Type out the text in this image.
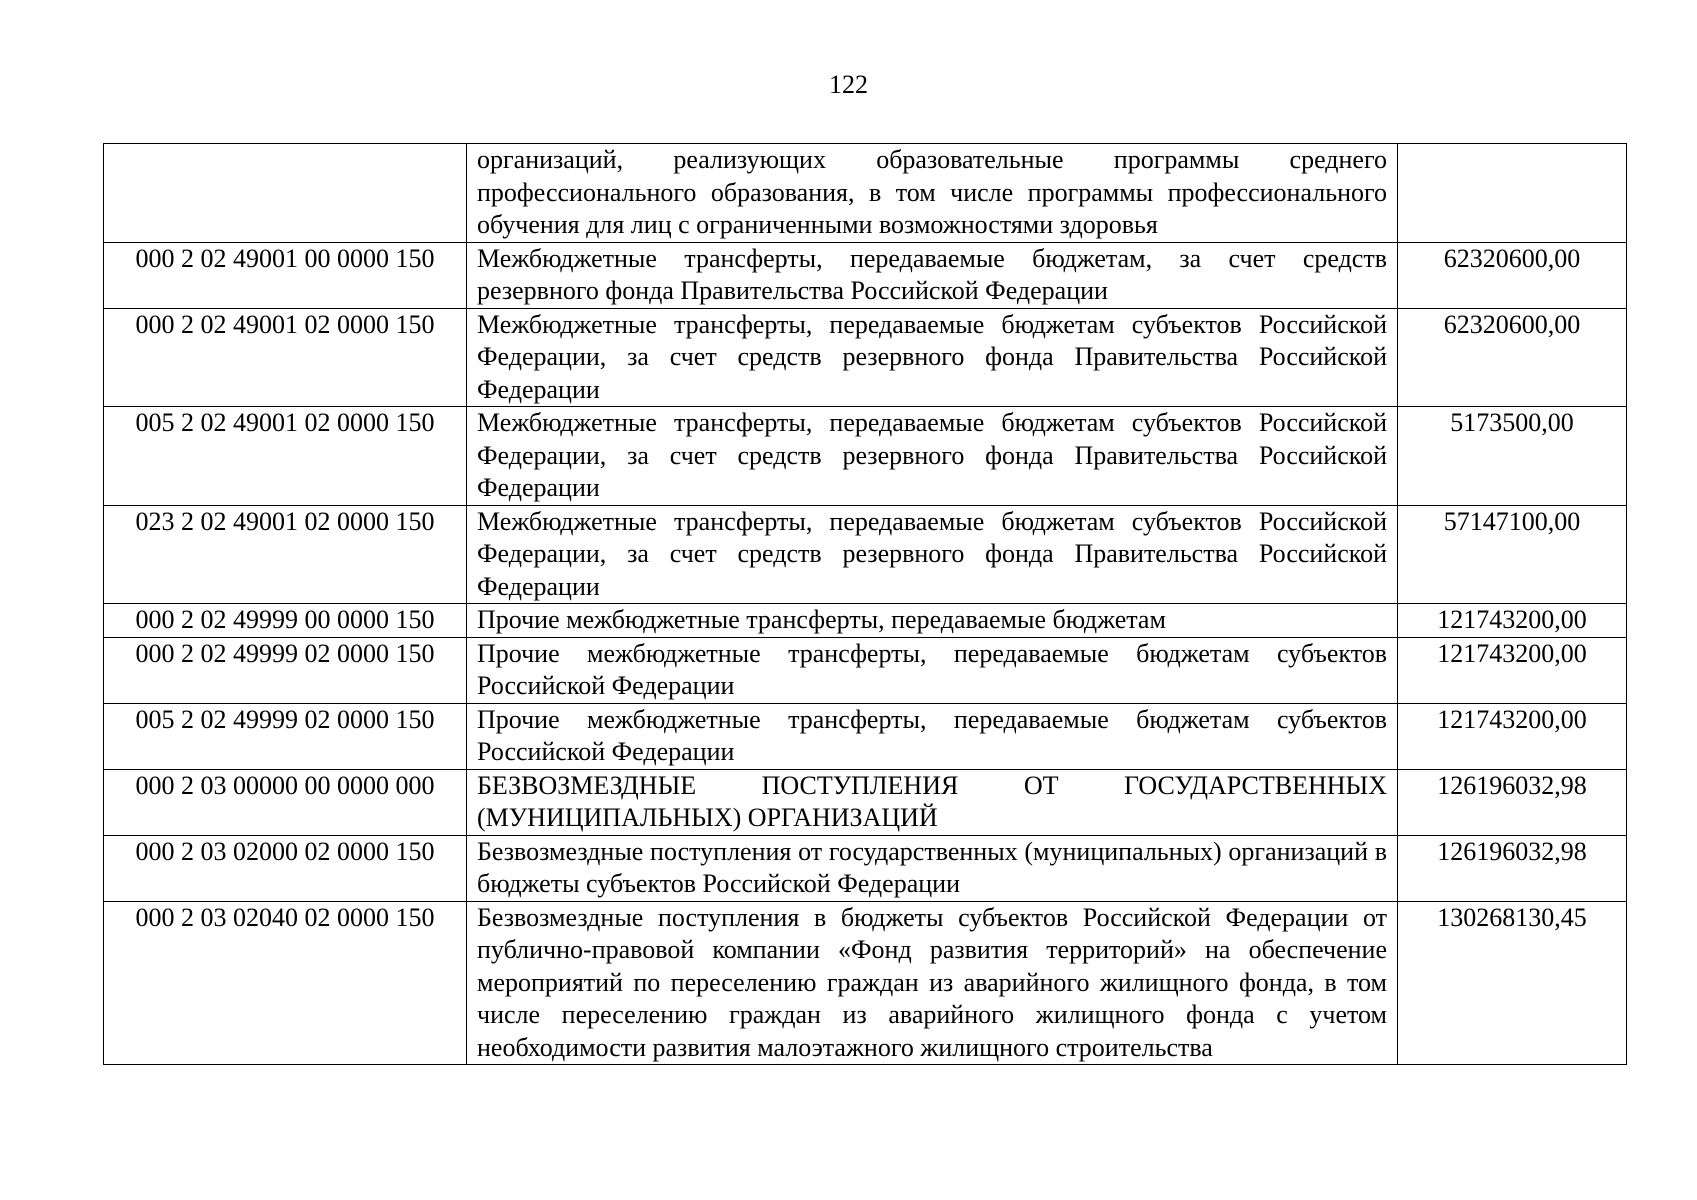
122
	организаций, реализующих образовательные программы среднего профессионального образования, в том числе программы профессионального обучения для лиц с ограниченными возможностями здоровья	
000 2 02 49001 00 0000 150	Межбюджетные трансферты, передаваемые бюджетам, за счет средств резервного фонда Правительства Российской Федерации	62320600,00
000 2 02 49001 02 0000 150	Межбюджетные трансферты, передаваемые бюджетам субъектов Российской Федерации, за счет средств резервного фонда Правительства Российской Федерации	62320600,00
005 2 02 49001 02 0000 150	Межбюджетные трансферты, передаваемые бюджетам субъектов Российской Федерации, за счет средств резервного фонда Правительства Российской Федерации	5173500,00
023 2 02 49001 02 0000 150	Межбюджетные трансферты, передаваемые бюджетам субъектов Российской Федерации, за счет средств резервного фонда Правительства Российской Федерации	57147100,00
000 2 02 49999 00 0000 150	Прочие межбюджетные трансферты, передаваемые бюджетам	121743200,00
000 2 02 49999 02 0000 150	Прочие межбюджетные трансферты, передаваемые бюджетам субъектов Российской Федерации	121743200,00
005 2 02 49999 02 0000 150	Прочие межбюджетные трансферты, передаваемые бюджетам субъектов Российской Федерации	121743200,00
000 2 03 00000 00 0000 000	БЕЗВОЗМЕЗДНЫЕ ПОСТУПЛЕНИЯ ОТ ГОСУДАРСТВЕННЫХ (МУНИЦИПАЛЬНЫХ) ОРГАНИЗАЦИЙ	126196032,98
000 2 03 02000 02 0000 150	Безвозмездные поступления от государственных (муниципальных) организаций в бюджеты субъектов Российской Федерации	126196032,98
000 2 03 02040 02 0000 150	Безвозмездные поступления в бюджеты субъектов Российской Федерации от публично-правовой компании «Фонд развития территорий» на обеспечение мероприятий по переселению граждан из аварийного жилищного фонда, в том числе переселению граждан из аварийного жилищного фонда с учетом необходимости развития малоэтажного жилищного строительства	130268130,45
